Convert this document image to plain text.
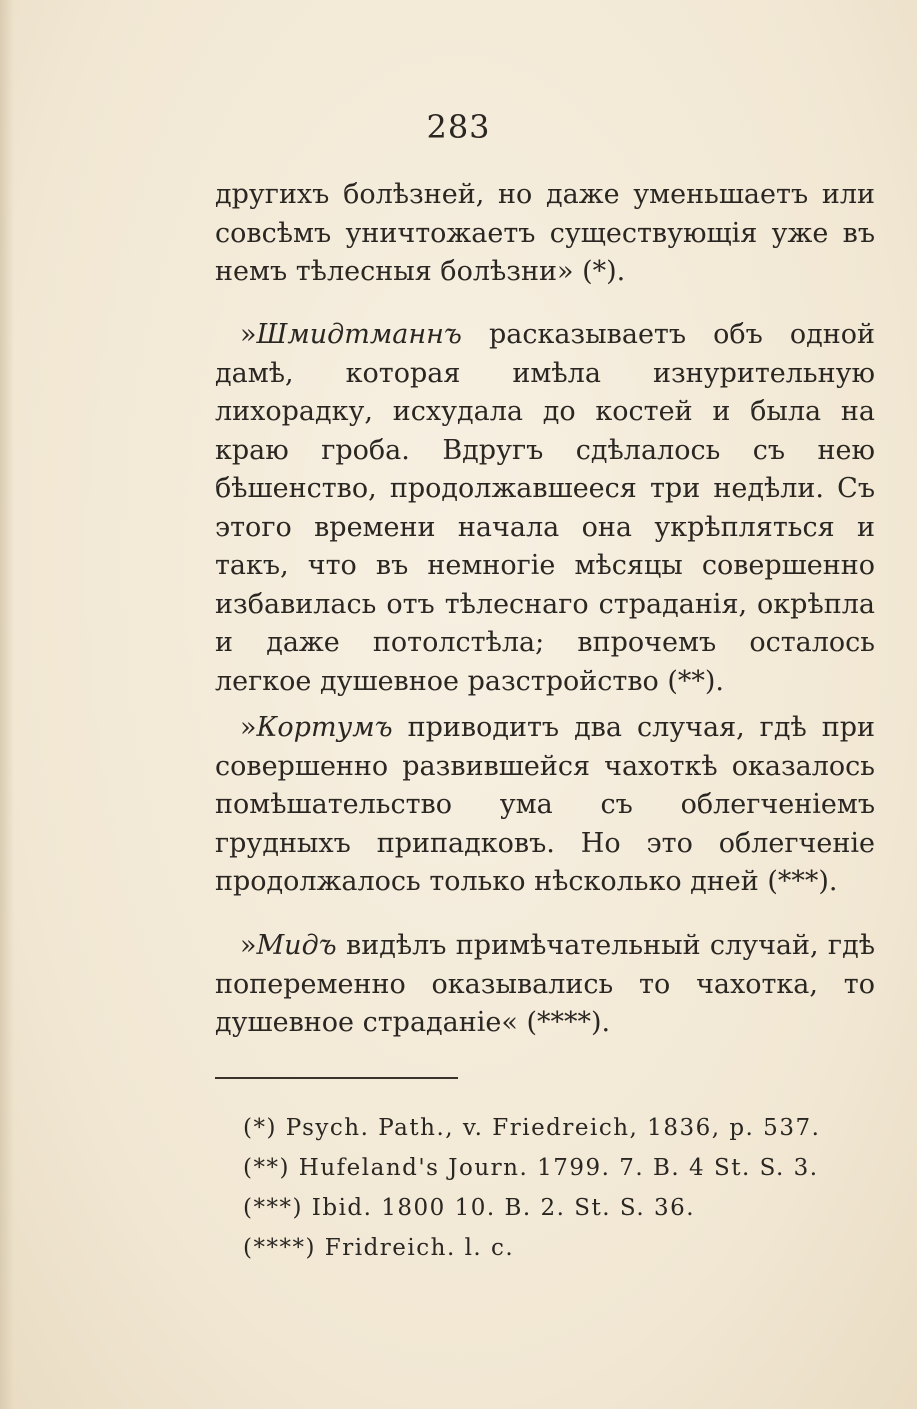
283
другихъ болѣзней, но даже уменьшаетъ или совсѣмъ уничтожаетъ существующія уже въ немъ тѣлесныя болѣзни» (*).
»Шмидтманнъ расказываетъ объ одной дамѣ, которая имѣла изнурительную лихорадку, исхудала до костей и была на краю гроба. Вдругъ сдѣлалось съ нею бѣшенство, продолжавшееся три недѣли. Съ этого времени начала она укрѣпляться и такъ, что въ немногіе мѣсяцы совершенно избавилась отъ тѣлеснаго страданія, окрѣпла и даже потолстѣла; впрочемъ осталось легкое душевное разстройство (**).
»Кортумъ приводитъ два случая, гдѣ при совершенно развившейся чахоткѣ оказалось помѣшательство ума съ облегченіемъ грудныхъ припадковъ. Но это облегченіе продолжалось только нѣсколько дней (***).
»Мидъ видѣлъ примѣчательный случай, гдѣ попеременно оказывались то чахотка, то душевное страданіе« (****).
(*) Psych. Path., v. Friedreich, 1836, p. 537.
(**) Hufeland's Journ. 1799. 7. B. 4 St. S. 3.
(***) Ibid. 1800 10. B. 2. St. S. 36.
(****) Fridreich. l. c.
